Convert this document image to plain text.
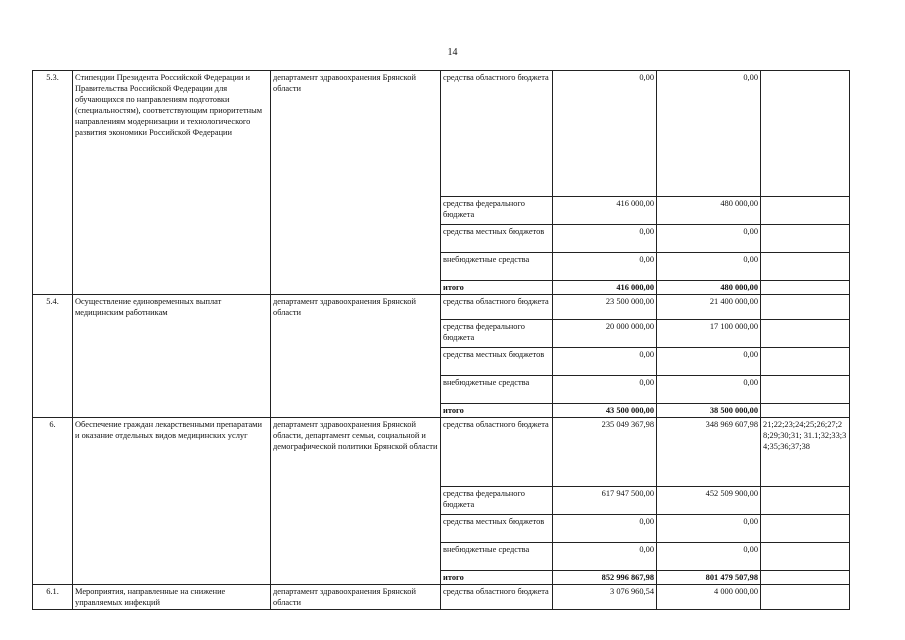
14
5.3.	Стипендии Президента Российской Федерации и Правительства Российской Федерации для обучающихся по направлениям подготовки (специальностям), соответствующим приоритетным направлениям модернизации и технологического развития экономики Российской Федерации	департамент здравоохранения Брянской области	средства областного бюджета	0,00	0,00	
			средства федерального бюджета	416 000,00	480 000,00	
			средства местных бюджетов	0,00	0,00	
			внебюджетные средства	0,00	0,00	
			итого	416 000,00	480 000,00	
5.4.	Осуществление единовременных выплат медицинским работникам	департамент здравоохранения Брянской области	средства областного бюджета	23 500 000,00	21 400 000,00	
			средства федерального бюджета	20 000 000,00	17 100 000,00	
			средства местных бюджетов	0,00	0,00	
			внебюджетные средства	0,00	0,00	
			итого	43 500 000,00	38 500 000,00	
6.	Обеспечение граждан лекарственными препаратами и оказание отдельных видов медицинских услуг	департамент здравоохранения Брянской области, департамент семьи, социальной и демографической политики Брянской области	средства областного бюджета	235 049 367,98	348 969 607,98	21;22;23;24;25;26;27;28;29;30;31; 31.1;32;33;34;35;36;37;38
			средства федерального бюджета	617 947 500,00	452 509 900,00	
			средства местных бюджетов	0,00	0,00	
			внебюджетные средства	0,00	0,00	
			итого	852 996 867,98	801 479 507,98	
6.1.	Мероприятия, направленные на снижение управляемых инфекций	департамент здравоохранения Брянской области	средства областного бюджета	3 076 960,54	4 000 000,00	
